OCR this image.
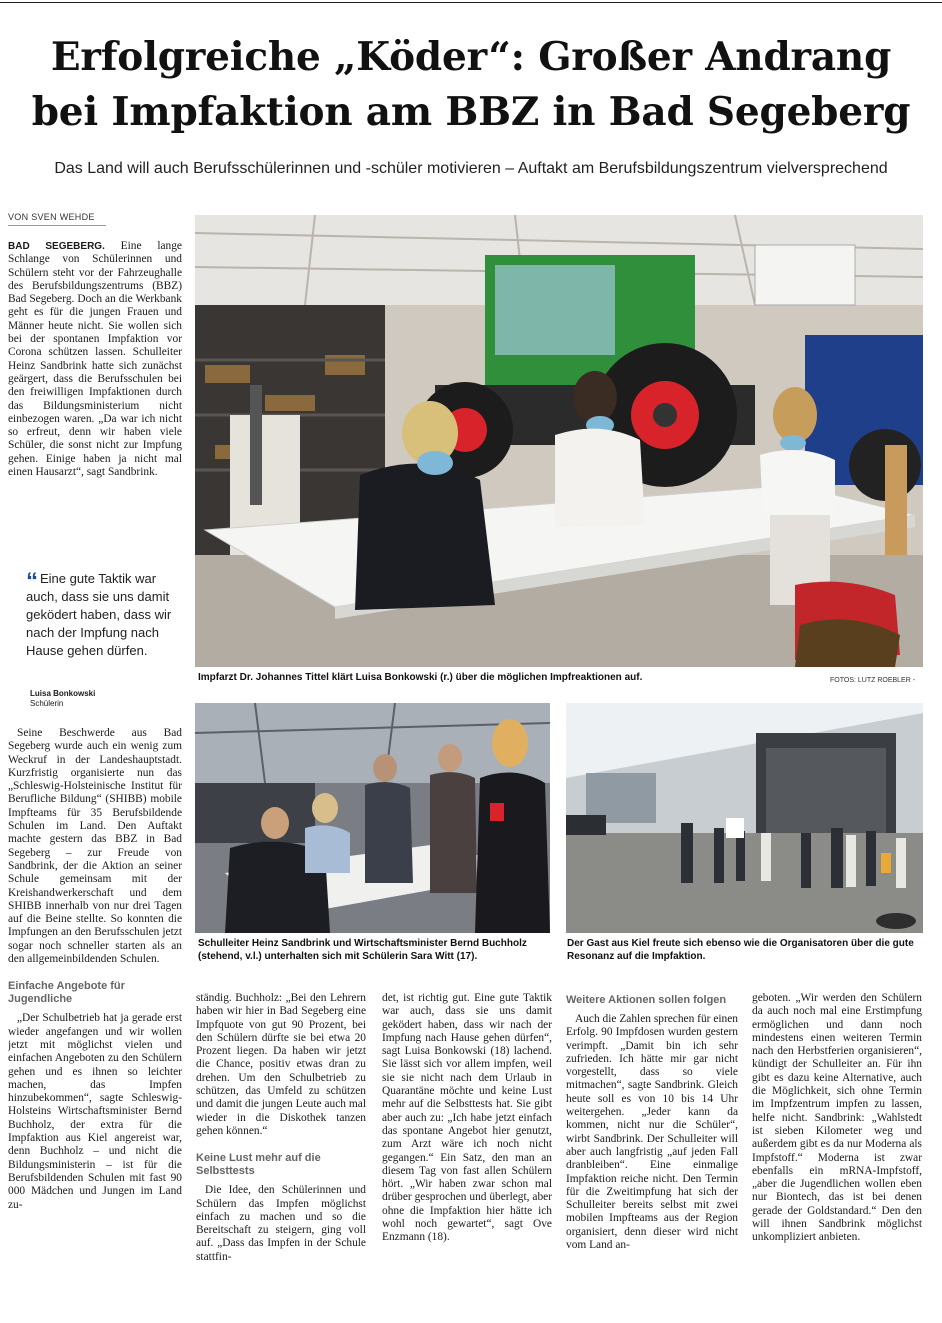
Erfolgreiche „Köder“: Großer Andrang
bei Impfaktion am BBZ in Bad Segeberg
Das Land will auch Berufsschülerinnen und -schüler motivieren – Auftakt am Berufsbildungszentrum vielversprechend
VON SVEN WEHDE

BAD SEGEBERG. Eine lange Schlange von Schülerinnen und Schülern steht vor der Fahrzeughalle des Berufsbildungszentrums (BBZ) Bad Segeberg. Doch an die Werkbank geht es für die jungen Frauen und Männer heute nicht. Sie wollen sich bei der spontanen Impfaktion vor Corona schützen lassen. Schulleiter Heinz Sandbrink hatte sich zunächst geärgert, dass die Berufsschulen bei den freiwilligen Impfaktionen durch das Bildungsministerium nicht einbezogen waren. „Da war ich nicht so erfreut, denn wir haben viele Schüler, die sonst nicht zur Impfung gehen. Einige haben ja nicht mal einen Hausarzt“, sagt Sandbrink.

“ Eine gute Taktik war auch, dass sie uns damit geködert haben, dass wir nach der Impfung nach Hause gehen dürfen.
Luisa Bonkowski
Schülerin

Seine Beschwerde aus Bad Segeberg wurde auch ein wenig zum Weckruf in der Landeshauptstadt. Kurzfristig organisierte nun das „Schleswig-Holsteinische Institut für Berufliche Bildung“ (SHIBB) mobile Impfteams für 35 Berufsbildende Schulen im Land. Den Auftakt machte gestern das BBZ in Bad Segeberg – zur Freude von Sandbrink, der die Aktion an seiner Schule gemeinsam mit der Kreishandwerkerschaft und dem SHIBB innerhalb von nur drei Tagen auf die Beine stellte. So konnten die Impfungen an den Berufsschulen jetzt sogar noch schneller starten als an den allgemeinbildenden Schulen.

Einfache Angebote für Jugendliche

„Der Schulbetrieb hat ja gerade erst wieder angefangen und wir wollen jetzt mit möglichst vielen und einfachen Angeboten zu den Schülern gehen und es ihnen so leichter machen, das Impfen hinzubekommen“, sagte Schleswig-Holsteins Wirtschaftsminister Bernd Buchholz, der extra für die Impfaktion aus Kiel angereist war, denn Buchholz – und nicht die Bildungsministerin – ist für die Berufsbildenden Schulen mit fast 90 000 Mädchen und Jungen im Land zu-

Impfarzt Dr. Johannes Tittel klärt Luisa Bonkowski (r.) über die möglichen Impfreaktionen auf.	FOTOS: LUTZ ROEBLER -
Schulleiter Heinz Sandbrink und Wirtschaftsminister Bernd Buchholz (stehend, v.l.) unterhalten sich mit Schülerin Sara Witt (17).
Der Gast aus Kiel freute sich ebenso wie die Organisatoren über die gute Resonanz auf die Impfaktion.

ständig. Buchholz: „Bei den Lehrern haben wir hier in Bad Segeberg eine Impfquote von gut 90 Prozent, bei den Schülern dürfte sie bei etwa 20 Prozent liegen. Da haben wir jetzt die Chance, positiv etwas dran zu drehen. Um den Schulbetrieb zu schützen, das Umfeld zu schützen und damit die jungen Leute auch mal wieder in die Diskothek tanzen gehen können.“

Keine Lust mehr auf die Selbsttests

Die Idee, den Schülerinnen und Schülern das Impfen möglichst einfach zu machen und so die Bereitschaft zu steigern, ging voll auf. „Dass das Impfen in der Schule stattfin-

det, ist richtig gut. Eine gute Taktik war auch, dass sie uns damit geködert haben, dass wir nach der Impfung nach Hause gehen dürfen“, sagt Luisa Bonkowski (18) lachend. Sie lässt sich vor allem impfen, weil sie sie nicht nach dem Urlaub in Quarantäne möchte und keine Lust mehr auf die Selbsttests hat. Sie gibt aber auch zu: „Ich habe jetzt einfach das spontane Angebot hier genutzt, zum Arzt wäre ich noch nicht gegangen.“ Ein Satz, den man an diesem Tag von fast allen Schülern hört. „Wir haben zwar schon mal drüber gesprochen und überlegt, aber ohne die Impfaktion hier hätte ich wohl noch gewartet“, sagt Ove Enzmann (18).

Weitere Aktionen sollen folgen

Auch die Zahlen sprechen für einen Erfolg. 90 Impfdosen wurden gestern verimpft. „Damit bin ich sehr zufrieden. Ich hätte mir gar nicht vorgestellt, dass so viele mitmachen“, sagte Sandbrink. Gleich heute soll es von 10 bis 14 Uhr weitergehen. „Jeder kann da kommen, nicht nur die Schüler“, wirbt Sandbrink. Der Schulleiter will aber auch langfristig „auf jeden Fall dranbleiben“. Eine einmalige Impfaktion reiche nicht. Den Termin für die Zweitimpfung hat sich der Schulleiter bereits selbst mit zwei mobilen Impfteams aus der Region organisiert, denn dieser wird nicht vom Land an-

geboten. „Wir werden den Schülern da auch noch mal eine Erstimpfung ermöglichen und dann noch mindestens einen weiteren Termin nach den Herbstferien organisieren“, kündigt der Schulleiter an. Für ihn gibt es dazu keine Alternative, auch die Möglichkeit, sich ohne Termin im Impfzentrum impfen zu lassen, helfe nicht. Sandbrink: „Wahlstedt ist sieben Kilometer weg und außerdem gibt es da nur Moderna als Impfstoff.“ Moderna ist zwar ebenfalls ein mRNA-Impfstoff, „aber die Jugendlichen wollen eben nur Biontech, das ist bei denen gerade der Goldstandard.“ Den den will ihnen Sandbrink möglichst unkompliziert anbieten.
